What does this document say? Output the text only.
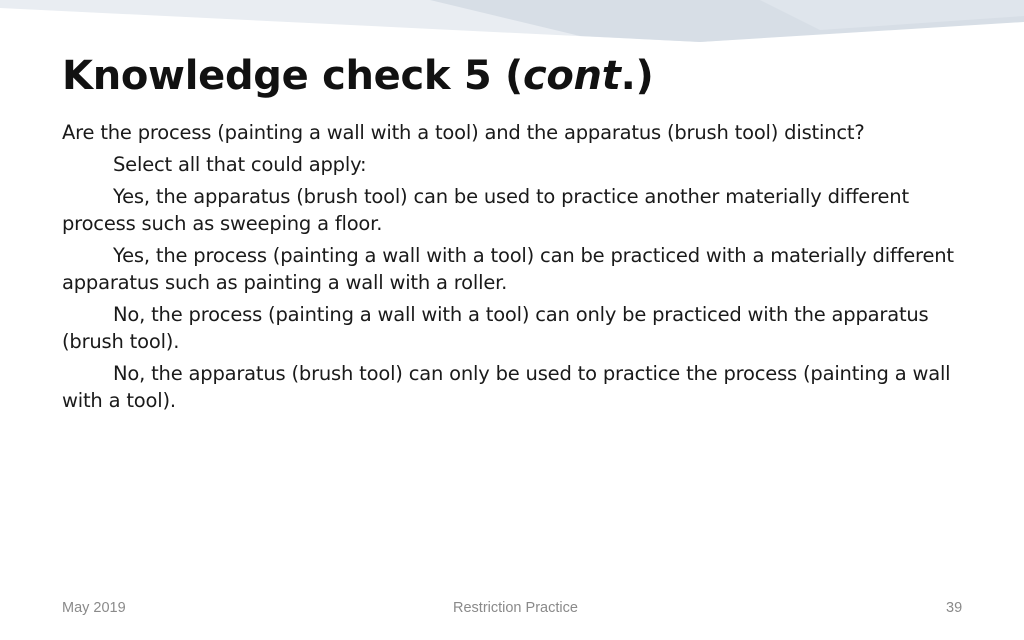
Knowledge check 5 (cont.)

Are the process (painting a wall with a tool) and the apparatus (brush tool) distinct?

Select all that could apply:

Yes, the apparatus (brush tool) can be used to practice another materially different process such as sweeping a floor.

Yes, the process (painting a wall with a tool) can be practiced with a materially different apparatus such as painting a wall with a roller.

No, the process (painting a wall with a tool) can only be practiced with the apparatus (brush tool).

No, the apparatus (brush tool) can only be used to practice the process (painting a wall with a tool).

May 2019	Restriction Practice	39
